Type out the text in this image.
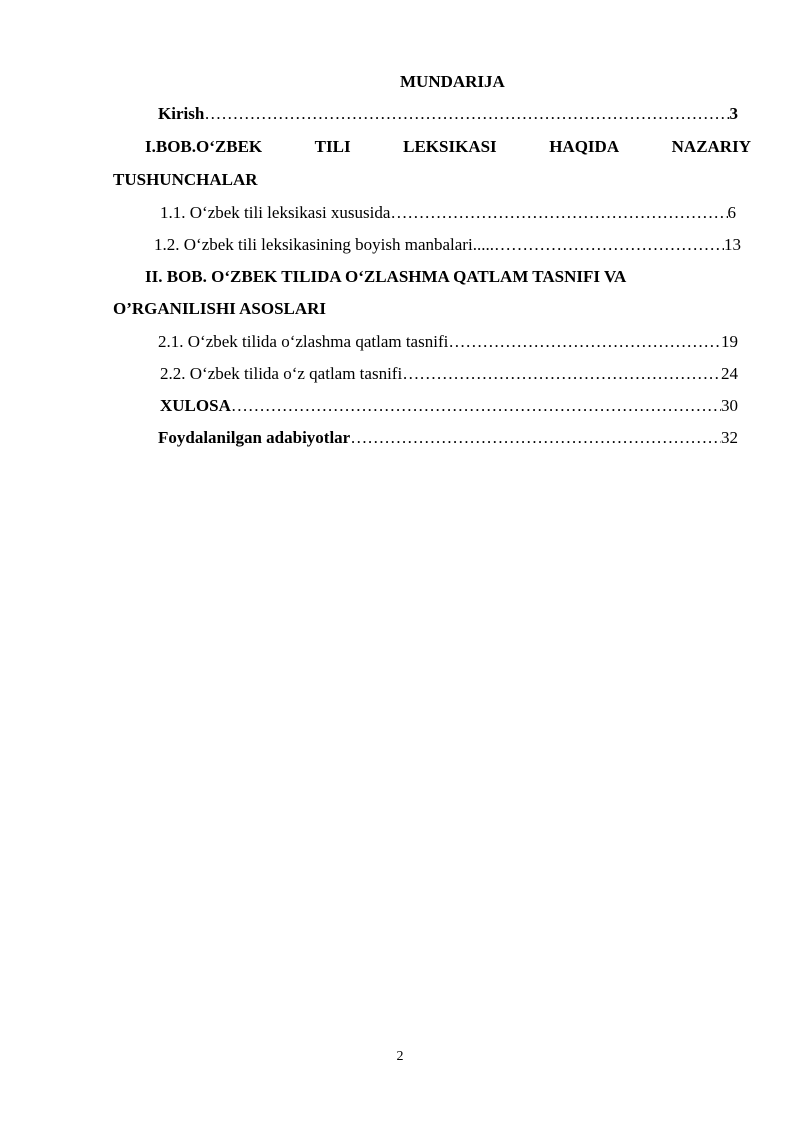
MUNDARIJA
Kirish …………………………………………………………………………………………………………………………………………………………………………………………	3
I.BOB.O‘ZBEK	TILI	LEKSIKASI	HAQIDA	NAZARIY
TUSHUNCHALAR
1.1. O‘zbek tili leksikasi xususida …………………………………………………………………………………………………………………………………………………………………………………………	6
1.2. O‘zbek tili leksikasining boyish manbalari..... …………………………………………………………………………………………………………………………………………………………………………………………	13
II. BOB. O‘ZBEK TILIDA O‘ZLASHMA QATLAM TASNIFI VA
O’RGANILISHI ASOSLARI
2.1. O‘zbek tilida o‘zlashma qatlam tasnifi …………………………………………………………………………………………………………………………………………………………………………………………	19
2.2. O‘zbek tilida o‘z qatlam tasnifi …………………………………………………………………………………………………………………………………………………………………………………………	24
XULOSA …………………………………………………………………………………………………………………………………………………………………………………………	30
Foydalanilgan adabiyotlar …………………………………………………………………………………………………………………………………………………………………………………………	32
2
